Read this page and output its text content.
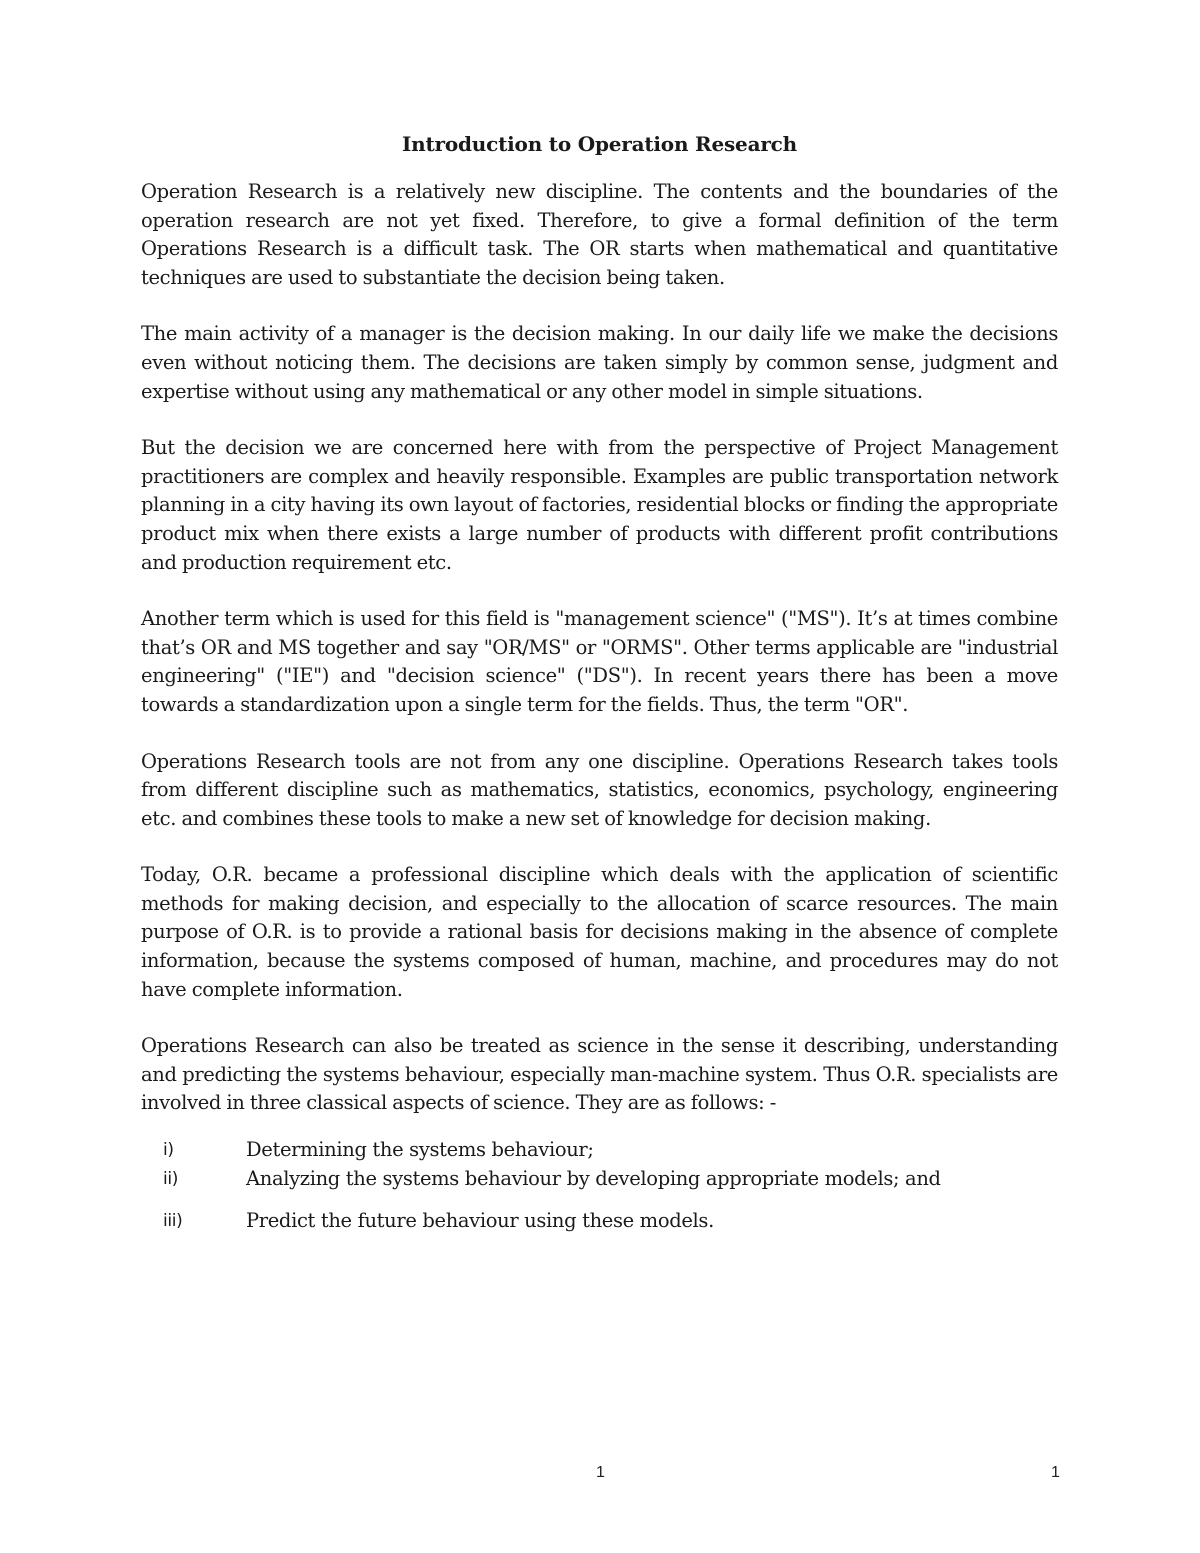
Introduction to Operation Research

Operation Research is a relatively new discipline. The contents and the boundaries of the operation research are not yet fixed. Therefore, to give a formal definition of the term Operations Research is a difficult task. The OR starts when mathematical and quantitative techniques are used to substantiate the decision being taken.

The main activity of a manager is the decision making. In our daily life we make the decisions even without noticing them. The decisions are taken simply by common sense, judgment and expertise without using any mathematical or any other model in simple situations.

But the decision we are concerned here with from the perspective of Project Management practitioners are complex and heavily responsible. Examples are public transportation network planning in a city having its own layout of factories, residential blocks or finding the appropriate product mix when there exists a large number of products with different profit contributions and production requirement etc.

Another term which is used for this field is "management science" ("MS"). It’s at times combine that’s OR and MS together and say "OR/MS" or "ORMS". Other terms applicable are "industrial engineering" ("IE") and "decision science" ("DS"). In recent years there has been a move towards a standardization upon a single term for the fields. Thus, the term "OR".

Operations Research tools are not from any one discipline. Operations Research takes tools from different discipline such as mathematics, statistics, economics, psychology, engineering etc. and combines these tools to make a new set of knowledge for decision making.

Today, O.R. became a professional discipline which deals with the application of scientific methods for making decision, and especially to the allocation of scarce resources. The main purpose of O.R. is to provide a rational basis for decisions making in the absence of complete information, because the systems composed of human, machine, and procedures may do not have complete information.

Operations Research can also be treated as science in the sense it describing, understanding and predicting the systems behaviour, especially man-machine system. Thus O.R. specialists are involved in three classical aspects of science. They are as follows: -

i)	Determining the systems behaviour;
ii)	Analyzing the systems behaviour by developing appropriate models; and
iii)	Predict the future behaviour using these models.
1	1
